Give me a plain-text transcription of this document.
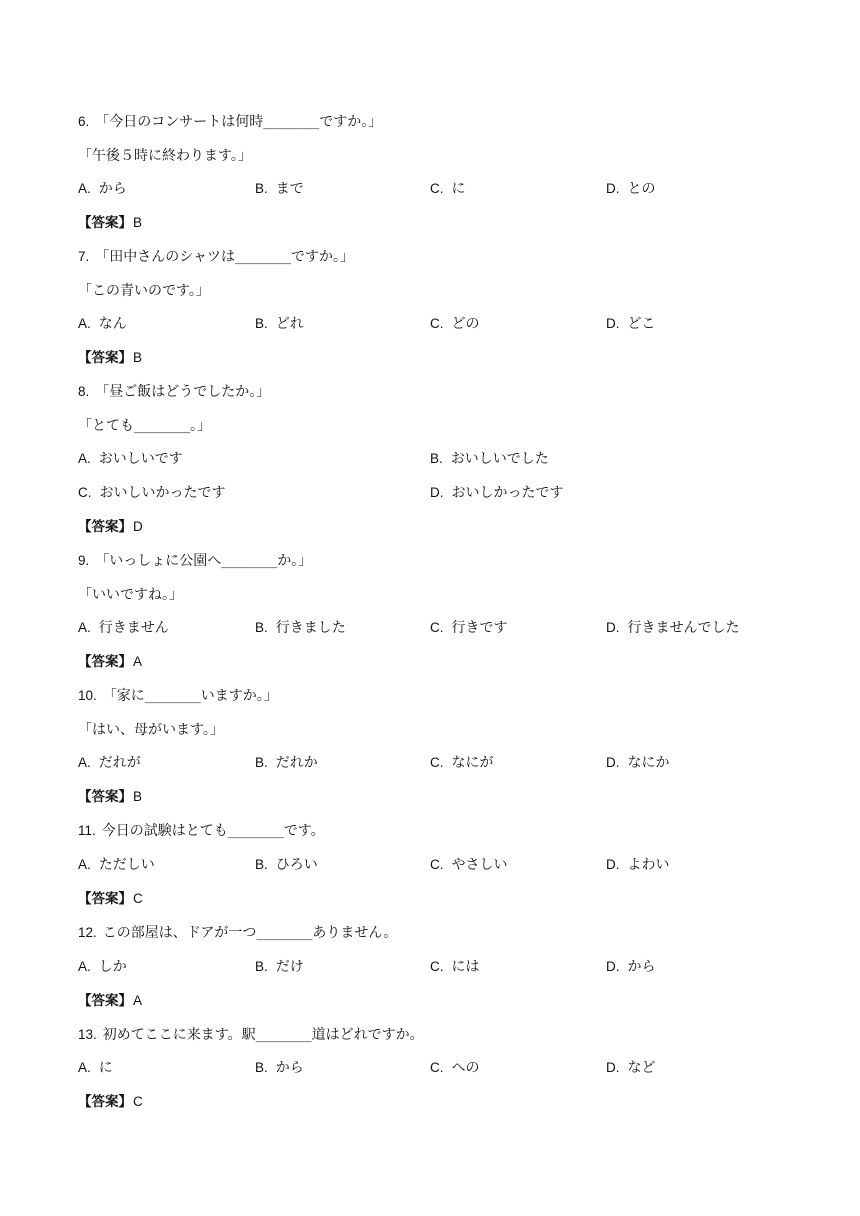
6. 「今日のコンサートは何時________ですか。」
「午後５時に終わります。」
A. から	B. まで	C. に	D. との
【答案】B
7. 「田中さんのシャツは________ですか。」
「この青いのです。」
A. なん	B. どれ	C. どの	D. どこ
【答案】B
8. 「昼ご飯はどうでしたか。」
「とても________。」
A. おいしいです	B. おいしいでした
C. おいしいかったです	D. おいしかったです
【答案】D
9. 「いっしょに公園へ________か。」
「いいですね。」
A. 行きません	B. 行きました	C. 行きです	D. 行きませんでした
【答案】A
10. 「家に________いますか。」
「はい、母がいます。」
A. だれが	B. だれか	C. なにが	D. なにか
【答案】B
11. 今日の試験はとても________です。
A. ただしい	B. ひろい	C. やさしい	D. よわい
【答案】C
12. この部屋は、ドアが一つ________ありません。
A. しか	B. だけ	C. には	D. から
【答案】A
13. 初めてここに来ます。駅________道はどれですか。
A. に	B. から	C. への	D. など
【答案】C
